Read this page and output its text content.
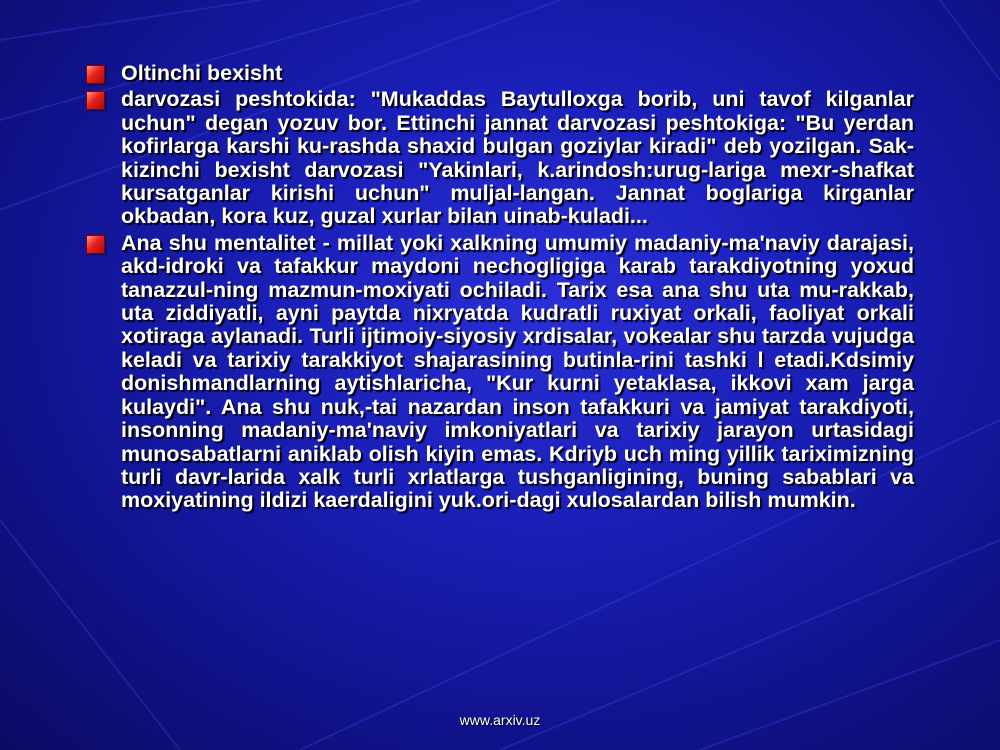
Oltinchi bexisht
darvozasi peshtokida: "Mukaddas Baytulloxga borib, uni tavof kilganlar uchun" degan yozuv bor. Ettinchi jannat darvozasi peshtokiga: "Bu yerdan kofirlarga karshi ku-rashda shaxid bulgan goziylar kiradi" deb yozilgan. Sak-kizinchi bexisht darvozasi "Yakinlari, k.arindosh:urug-lariga mexr-shafkat kursatganlar kirishi uchun" muljal-langan. Jannat boglariga kirganlar okbadan, kora kuz, guzal xurlar bilan uinab-kuladi...
Ana shu mentalitet - millat yoki xalkning umumiy madaniy-ma'naviy darajasi, akd-idroki va tafakkur maydoni nechogligiga karab tarakdiyotning yoxud tanazzul-ning mazmun-moxiyati ochiladi. Tarix esa ana shu uta mu-rakkab, uta ziddiyatli, ayni paytda nixryatda kudratli ruxiyat orkali, faoliyat orkali xotiraga aylanadi. Turli ijtimoiy-siyosiy xrdisalar, vokealar shu tarzda vujudga keladi va tarixiy tarakkiyot shajarasining butinla-rini tashki l etadi.Kdsimiy donishmandlarning aytishlaricha, "Kur kurni yetaklasa, ikkovi xam jarga kulaydi". Ana shu nuk,-tai nazardan inson tafakkuri va jamiyat tarakdiyoti, insonning madaniy-ma'naviy imkoniyatlari va tarixiy jarayon urtasidagi munosabatlarni aniklab olish kiyin emas. Kdriyb uch ming yillik tariximizning turli davr-larida xalk turli xrlatlarga tushganligining, buning sabablari va moxiyatining ildizi kaerdaligini yuk.ori-dagi xulosalardan bilish mumkin.
www.arxiv.uz
